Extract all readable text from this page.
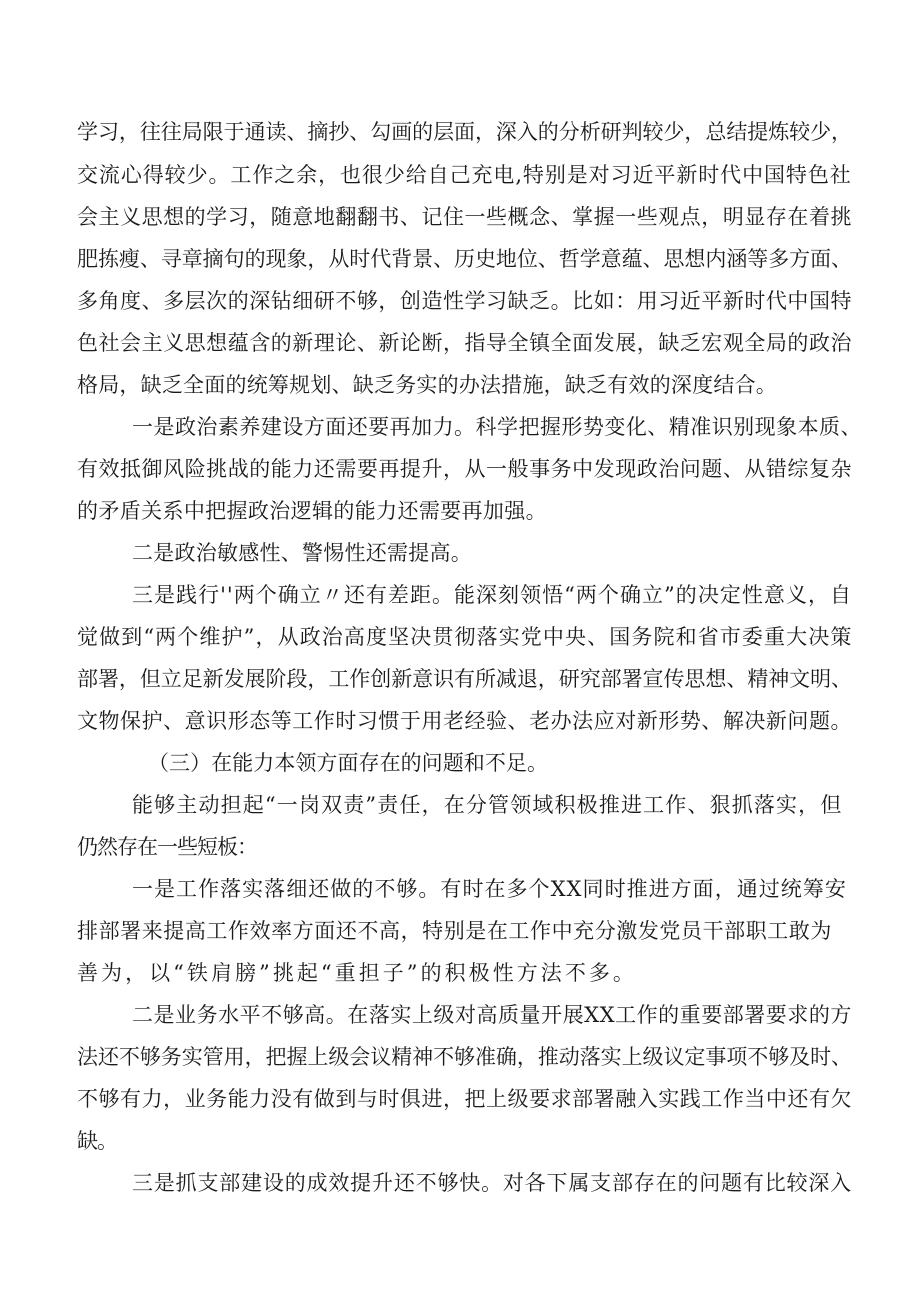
学习，往往局限于通读、摘抄、勾画的层面，深入的分析研判较少，总结提炼较少，
交流心得较少。工作之余，也很少给自己充电,特别是对习近平新时代中国特色社
会主义思想的学习，随意地翻翻书、记住一些概念、掌握一些观点，明显存在着挑
肥拣瘦、寻章摘句的现象，从时代背景、历史地位、哲学意蕴、思想内涵等多方面、
多角度、多层次的深钻细研不够，创造性学习缺乏。比如：用习近平新时代中国特
色社会主义思想蕴含的新理论、新论断，指导全镇全面发展，缺乏宏观全局的政治
格局，缺乏全面的统筹规划、缺乏务实的办法措施，缺乏有效的深度结合。
一是政治素养建设方面还要再加力。科学把握形势变化、精准识别现象本质、
有效抵御风险挑战的能力还需要再提升，从一般事务中发现政治问题、从错综复杂
的矛盾关系中把握政治逻辑的能力还需要再加强。
二是政治敏感性、警惕性还需提高。
三是践行''两个确立〃还有差距。能深刻领悟“两个确立”的决定性意义，自
觉做到“两个维护”，从政治高度坚决贯彻落实党中央、国务院和省市委重大决策
部署，但立足新发展阶段，工作创新意识有所减退，研究部署宣传思想、精神文明、
文物保护、意识形态等工作时习惯于用老经验、老办法应对新形势、解决新问题。
（三）在能力本领方面存在的问题和不足。
能够主动担起“一岗双责”责任，在分管领域积极推进工作、狠抓落实，但
仍然存在一些短板：
一是工作落实落细还做的不够。有时在多个XX同时推进方面，通过统筹安
排部署来提高工作效率方面还不高，特别是在工作中充分激发党员干部职工敢为
善为，以“铁肩膀”挑起“重担子”的积极性方法不多。
二是业务水平不够高。在落实上级对高质量开展XX工作的重要部署要求的方
法还不够务实管用，把握上级会议精神不够准确，推动落实上级议定事项不够及时、
不够有力，业务能力没有做到与时俱进，把上级要求部署融入实践工作当中还有欠
缺。
三是抓支部建设的成效提升还不够快。对各下属支部存在的问题有比较深入
